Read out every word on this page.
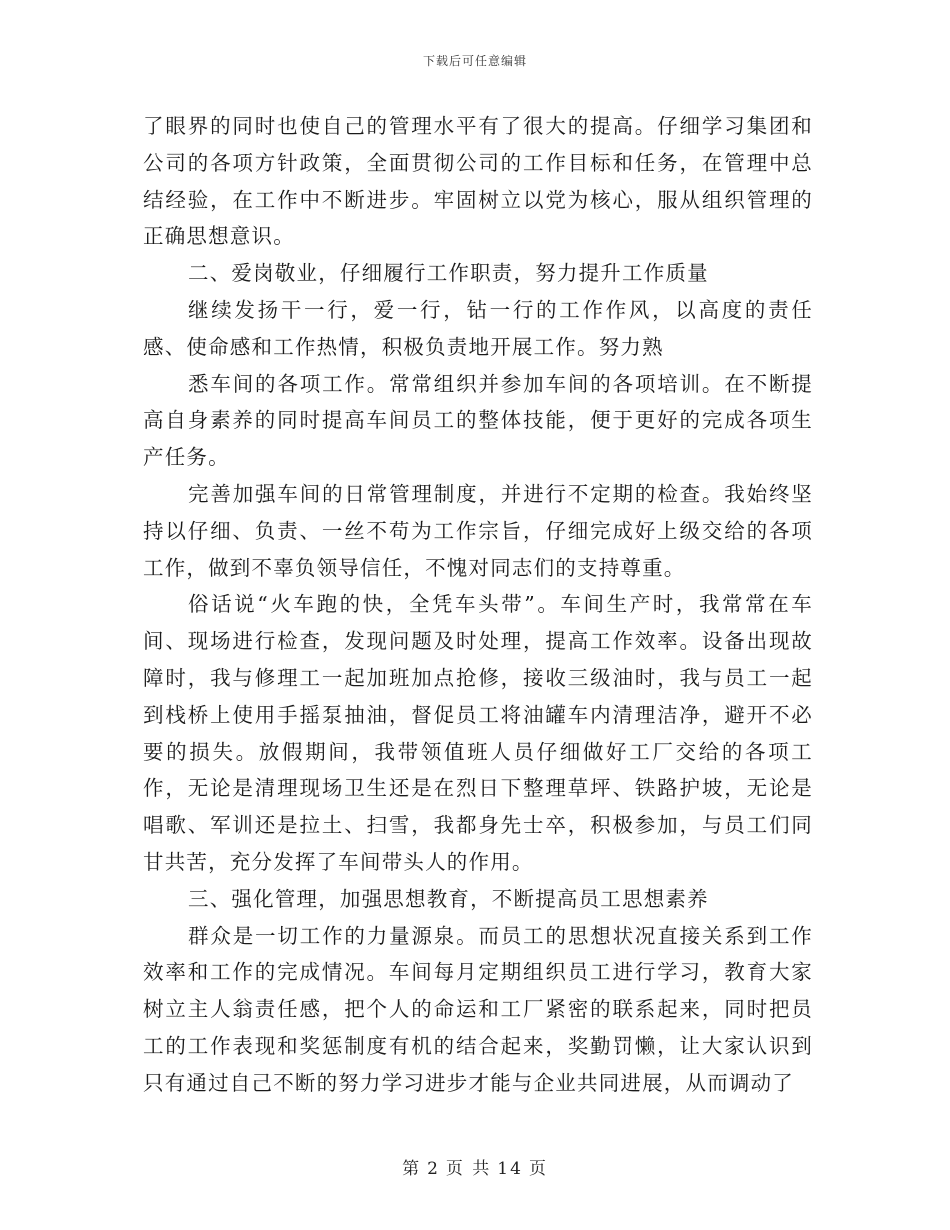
下载后可任意编辑

了眼界的同时也使自己的管理水平有了很大的提高。仔细学习集团和公司的各项方针政策，全面贯彻公司的工作目标和任务，在管理中总结经验，在工作中不断进步。牢固树立以党为核心，服从组织管理的正确思想意识。

二、爱岗敬业，仔细履行工作职责，努力提升工作质量

继续发扬干一行，爱一行，钻一行的工作作风，以高度的责任感、使命感和工作热情，积极负责地开展工作。努力熟

悉车间的各项工作。常常组织并参加车间的各项培训。在不断提高自身素养的同时提高车间员工的整体技能，便于更好的完成各项生产任务。

完善加强车间的日常管理制度，并进行不定期的检查。我始终坚持以仔细、负责、一丝不苟为工作宗旨，仔细完成好上级交给的各项工作，做到不辜负领导信任，不愧对同志们的支持尊重。

俗话说“火车跑的快，全凭车头带”。车间生产时，我常常在车间、现场进行检查，发现问题及时处理，提高工作效率。设备出现故障时，我与修理工一起加班加点抢修，接收三级油时，我与员工一起到栈桥上使用手摇泵抽油，督促员工将油罐车内清理洁净，避开不必要的损失。放假期间，我带领值班人员仔细做好工厂交给的各项工作，无论是清理现场卫生还是在烈日下整理草坪、铁路护坡，无论是唱歌、军训还是拉土、扫雪，我都身先士卒，积极参加，与员工们同甘共苦，充分发挥了车间带头人的作用。

三、强化管理，加强思想教育，不断提高员工思想素养

群众是一切工作的力量源泉。而员工的思想状况直接关系到工作效率和工作的完成情况。车间每月定期组织员工进行学习，教育大家树立主人翁责任感，把个人的命运和工厂紧密的联系起来，同时把员工的工作表现和奖惩制度有机的结合起来，奖勤罚懒，让大家认识到只有通过自己不断的努力学习进步才能与企业共同进展，从而调动了

第 2 页 共 14 页
